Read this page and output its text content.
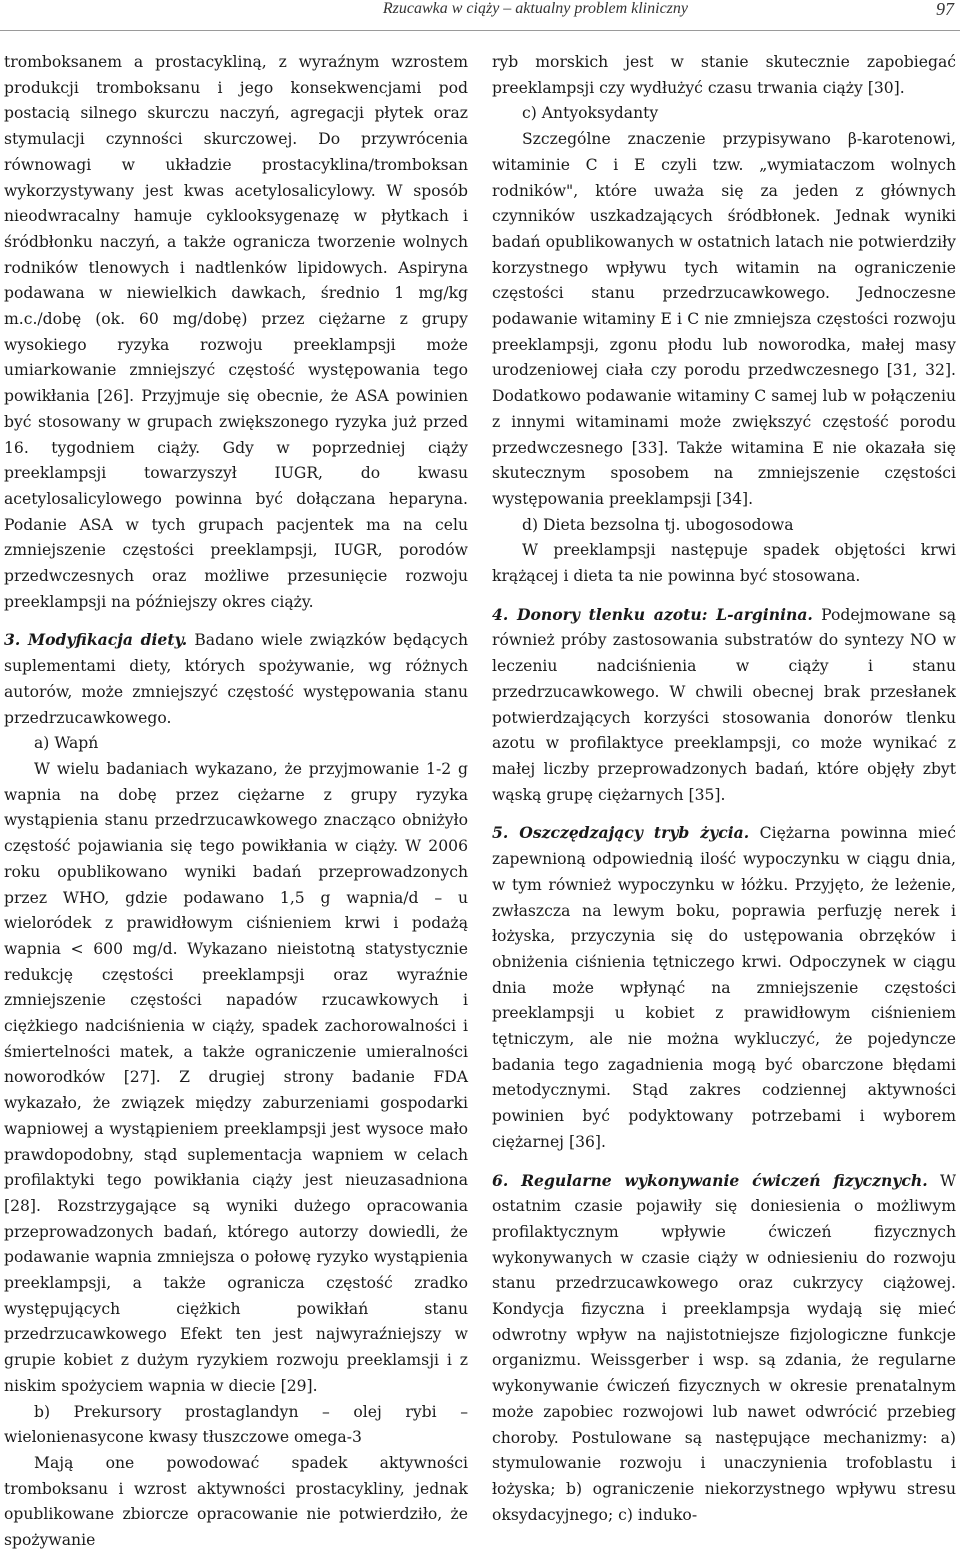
Rzucawka w ciąży – aktualny problem kliniczny	97

tromboksanem a prostacykliną, z wyraźnym wzrostem produkcji tromboksanu i jego konsekwencjami pod postacią silnego skurczu naczyń, agregacji płytek oraz stymulacji czynności skurczowej. Do przywrócenia równowagi w układzie prostacyklina/tromboksan wykorzystywany jest kwas acetylosalicylowy. W sposób nieodwracalny hamuje cyklooksygenazę w płytkach i śródbłonku naczyń, a także ogranicza tworzenie wolnych rodników tlenowych i nadtlenków lipidowych. Aspiryna podawana w niewielkich dawkach, średnio 1 mg/kg m.c./dobę (ok. 60 mg/dobę) przez ciężarne z grupy wysokiego ryzyka rozwoju preeklampsji może umiarkowanie zmniejszyć częstość występowania tego powikłania [26]. Przyjmuje się obecnie, że ASA powinien być stosowany w grupach zwiększonego ryzyka już przed 16. tygodniem ciąży. Gdy w poprzedniej ciąży preeklampsji towarzyszył IUGR, do kwasu acetylosalicylowego powinna być dołączana heparyna. Podanie ASA w tych grupach pacjentek ma na celu zmniejszenie częstości preeklampsji, IUGR, porodów przedwczesnych oraz możliwe przesunięcie rozwoju preeklampsji na późniejszy okres ciąży.

3. Modyfikacja diety. Badano wiele związków będących suplementami diety, których spożywanie, wg różnych autorów, może zmniejszyć częstość występowania stanu przedrzucawkowego.

a) Wapń

W wielu badaniach wykazano, że przyjmowanie 1-2 g wapnia na dobę przez ciężarne z grupy ryzyka wystąpienia stanu przedrzucawkowego znacząco obniżyło częstość pojawiania się tego powikłania w ciąży. W 2006 roku opublikowano wyniki badań przeprowadzonych przez WHO, gdzie podawano 1,5 g wapnia/d – u wielorόdek z prawidłowym ciśnieniem krwi i podażą wapnia < 600 mg/d. Wykazano nieistotną statystycznie redukcję częstości preeklampsji oraz wyraźnie zmniejszenie częstości napadów rzucawkowych i ciężkiego nadciśnienia w ciąży, spadek zachorowalności i śmiertelności matek, a także ograniczenie umieralności noworodków [27]. Z drugiej strony badanie FDA wykazało, że związek między zaburzeniami gospodarki wapniowej a wystąpieniem preeklampsji jest wysoce mało prawdopodobny, stąd suplementacja wapniem w celach profilaktyki tego powikłania ciąży jest nieuzasadniona [28]. Rozstrzygające są wyniki dużego opracowania przeprowadzonych badań, którego autorzy dowiedli, że podawanie wapnia zmniejsza o połowę ryzyko wystąpienia preeklampsji, a także ogranicza częstość zradko występujących ciężkich powikłań stanu przedrzucawkowego Efekt ten jest najwyraźniejszy w grupie kobiet z dużym ryzykiem rozwoju preeklamsji i z niskim spożyciem wapnia w diecie [29].

b) Prekursory prostaglandyn – olej rybi – wielonienasycone kwasy tłuszczowe omega-3

Mają one powodować spadek aktywności tromboksanu i wzrost aktywności prostacykliny, jednak opublikowane zbiorcze opracowanie nie potwierdziło, że spożywanie

ryb morskich jest w stanie skutecznie zapobiegać preeklampsji czy wydłużyć czasu trwania ciąży [30].

c) Antyoksydanty

Szczególne znaczenie przypisywano β-karotenowi, witaminie C i E czyli tzw. „wymiataczom wolnych rodników", które uważa się za jeden z głównych czynników uszkadzających śródbłonek. Jednak wyniki badań opublikowanych w ostatnich latach nie potwierdziły korzystnego wpływu tych witamin na ograniczenie częstości stanu przedrzucawkowego. Jednoczesne podawanie witaminy E i C nie zmniejsza częstości rozwoju preeklampsji, zgonu płodu lub noworodka, małej masy urodzeniowej ciała czy porodu przedwczesnego [31, 32]. Dodatkowo podawanie witaminy C samej lub w połączeniu z innymi witaminami może zwiększyć częstość porodu przedwczesnego [33]. Także witamina E nie okazała się skutecznym sposobem na zmniejszenie częstości występowania preeklampsji [34].

d) Dieta bezsolna tj. ubogosodowa

W preeklampsji następuje spadek objętości krwi krążącej i dieta ta nie powinna być stosowana.

4. Donory tlenku azotu: L-arginina. Podejmowane są również próby zastosowania substratów do syntezy NO w leczeniu nadciśnienia w ciąży i stanu przedrzucawkowego. W chwili obecnej brak przesłanek potwierdzających korzyści stosowania donorów tlenku azotu w profilaktyce preeklampsji, co może wynikać z małej liczby przeprowadzonych badań, które objęły zbyt wąską grupę ciężarnych [35].

5. Oszczędzający tryb życia. Ciężarna powinna mieć zapewnioną odpowiednią ilość wypoczynku w ciągu dnia, w tym również wypoczynku w łóżku. Przyjęto, że leżenie, zwłaszcza na lewym boku, poprawia perfuzję nerek i łożyska, przyczynia się do ustępowania obrzęków i obniżenia ciśnienia tętniczego krwi. Odpoczynek w ciągu dnia może wpłynąć na zmniejszenie częstości preeklampsji u kobiet z prawidłowym ciśnieniem tętniczym, ale nie można wykluczyć, że pojedyncze badania tego zagadnienia mogą być obarczone błędami metodycznymi. Stąd zakres codziennej aktywności powinien być podyktowany potrzebami i wyborem ciężarnej [36].

6. Regularne wykonywanie ćwiczeń fizycznych. W ostatnim czasie pojawiły się doniesienia o możliwym profilaktycznym wpływie ćwiczeń fizycznych wykonywanych w czasie ciąży w odniesieniu do rozwoju stanu przedrzucawkowego oraz cukrzycy ciążowej. Kondycja fizyczna i preeklampsja wydają się mieć odwrotny wpływ na najistotniejsze fizjologiczne funkcje organizmu. Weissgerber i wsp. są zdania, że regularne wykonywanie ćwiczeń fizycznych w okresie prenatalnym może zapobiec rozwojowi lub nawet odwrócić przebieg choroby. Postulowane są następujące mechanizmy: a) stymulowanie rozwoju i unaczynienia trofoblastu i łożyska; b) ograniczenie niekorzystnego wpływu stresu oksydacyjnego; c) induko-
